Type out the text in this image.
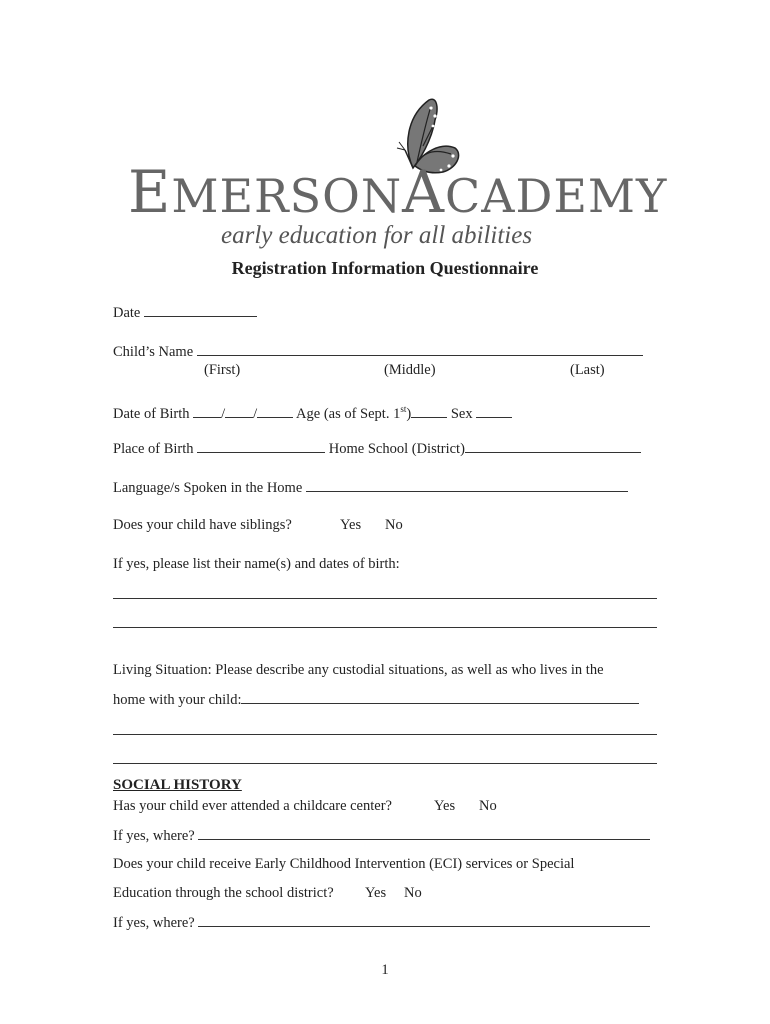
EMERSONACADEMY
early education for all abilities
Registration Information Questionnaire
Date
Child’s Name
(First)	(Middle)	(Last)
Date of Birth / /	Age (as of Sept. 1st)	Sex
Place of Birth	Home School (District)
Language/s Spoken in the Home
Does your child have siblings?	Yes No
If yes, please list their name(s) and dates of birth:
Living Situation: Please describe any custodial situations, as well as who lives in the
home with your child:
SOCIAL HISTORY
Has your child ever attended a childcare center?	Yes No
If yes, where?
Does your child receive Early Childhood Intervention (ECI) services or Special
Education through the school district? Yes No
If yes, where?
1
